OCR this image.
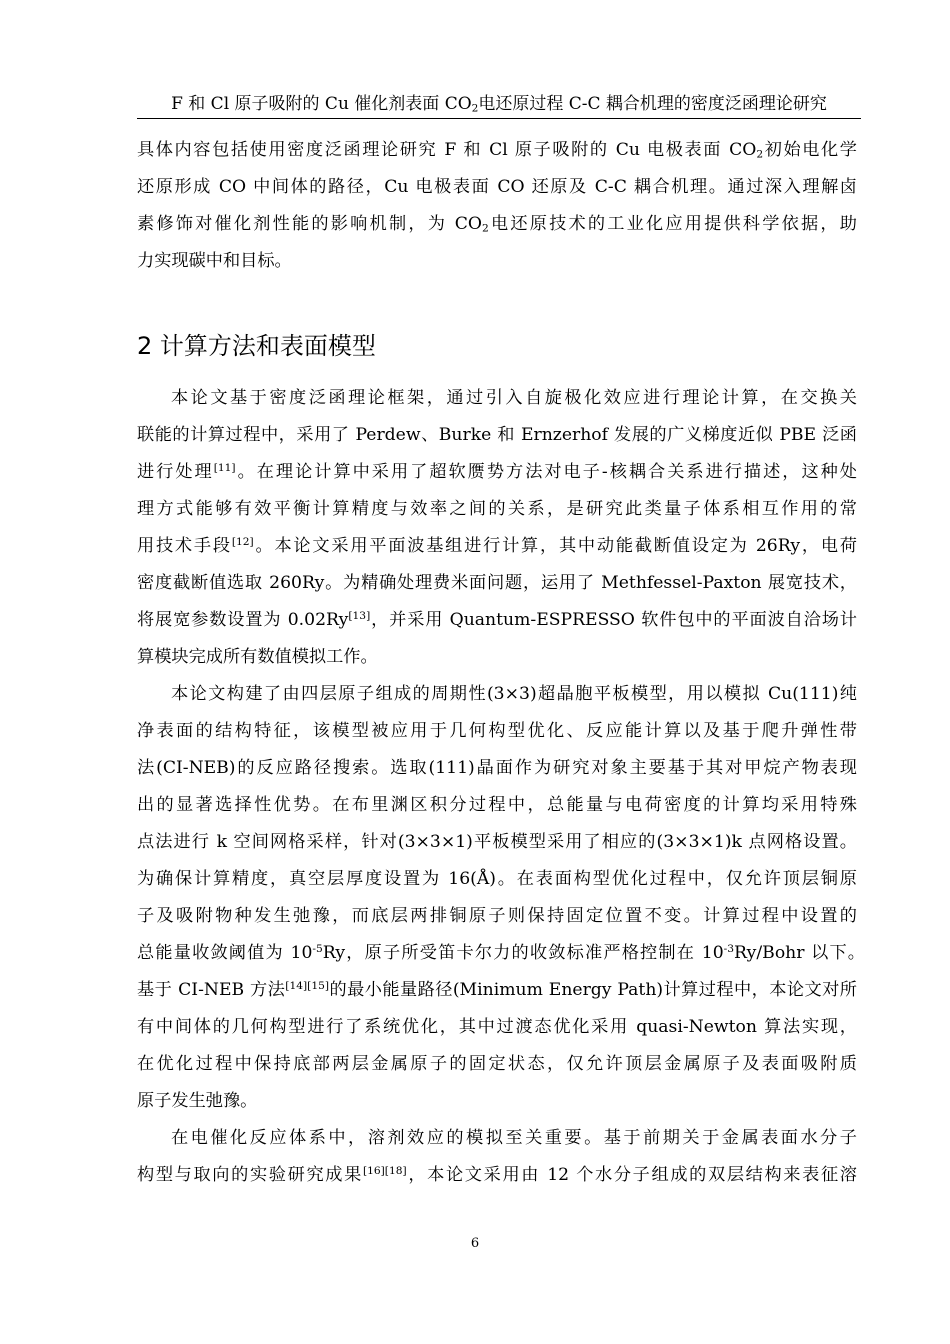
F 和 Cl 原子吸附的 Cu 催化剂表面 $CO_2$电还原过程 C-C 耦合机理的密度泛函理论研究
具体内容包括使用密度泛函理论研究 F 和 Cl 原子吸附的 Cu 电极表面 $CO_2$初始电化学
还原形成 CO 中间体的路径，Cu 电极表面 CO 还原及 C-C 耦合机理。通过深入理解卤
素修饰对催化剂性能的影响机制，为 $CO_2$电还原技术的工业化应用提供科学依据，助
力实现碳中和目标。
2 计算方法和表面模型
本论文基于密度泛函理论框架，通过引入自旋极化效应进行理论计算，在交换关
联能的计算过程中，采用了 Perdew、Burke 和 Ernzerhof 发展的广义梯度近似 PBE 泛函
进行处理[11]。在理论计算中采用了超软赝势方法对电子-核耦合关系进行描述，这种处
理方式能够有效平衡计算精度与效率之间的关系，是研究此类量子体系相互作用的常
用技术手段[12]。本论文采用平面波基组进行计算，其中动能截断值设定为 26Ry，电荷
密度截断值选取 260Ry。为精确处理费米面问题，运用了 Methfessel-Paxton 展宽技术，
将展宽参数设置为 0.02Ry[13]，并采用 Quantum-ESPRESSO 软件包中的平面波自洽场计
算模块完成所有数值模拟工作。
本论文构建了由四层原子组成的周期性(3×3)超晶胞平板模型，用以模拟 Cu(111)纯
净表面的结构特征，该模型被应用于几何构型优化、反应能计算以及基于爬升弹性带
法(CI-NEB)的反应路径搜索。选取(111)晶面作为研究对象主要基于其对甲烷产物表现
出的显著选择性优势。在布里渊区积分过程中，总能量与电荷密度的计算均采用特殊
点法进行 k 空间网格采样，针对(3×3×1)平板模型采用了相应的(3×3×1)k 点网格设置。
为确保计算精度，真空层厚度设置为 16(Å)。在表面构型优化过程中，仅允许顶层铜原
子及吸附物种发生弛豫，而底层两排铜原子则保持固定位置不变。计算过程中设置的
总能量收敛阈值为 $10^{-5}Ry$，原子所受笛卡尔力的收敛标准严格控制在 $10^{-3}Ry$/Bohr 以下。
基于 CI-NEB 方法[14][15]的最小能量路径(Minimum Energy Path)计算过程中，本论文对所
有中间体的几何构型进行了系统优化，其中过渡态优化采用 quasi-Newton 算法实现，
在优化过程中保持底部两层金属原子的固定状态，仅允许顶层金属原子及表面吸附质
原子发生弛豫。
在电催化反应体系中，溶剂效应的模拟至关重要。基于前期关于金属表面水分子
构型与取向的实验研究成果[16][18]，本论文采用由 12 个水分子组成的双层结构来表征溶
6
